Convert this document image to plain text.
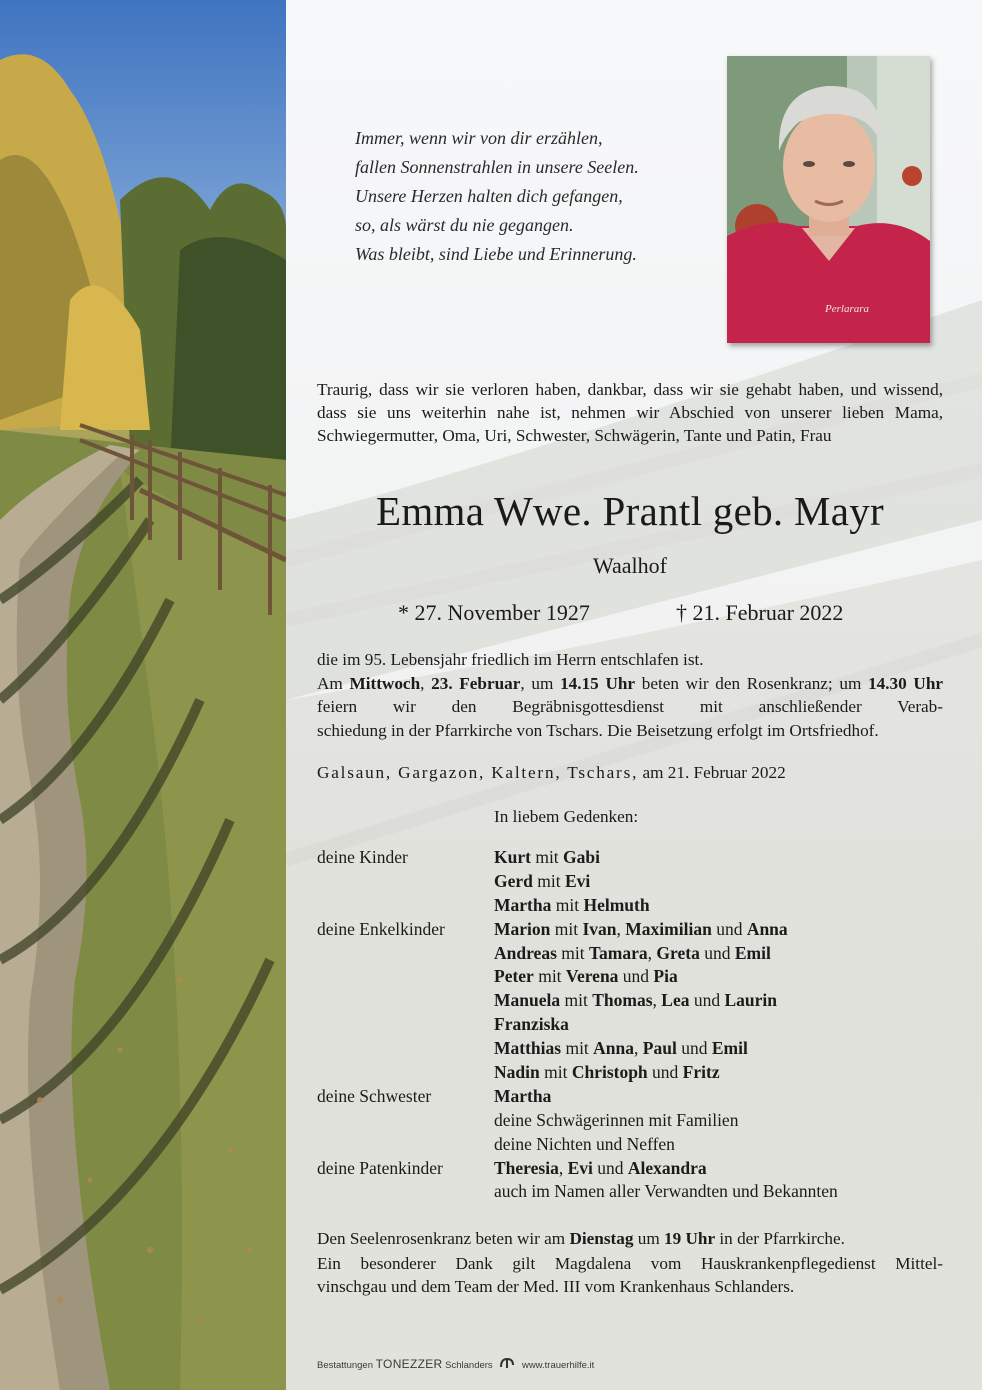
Immer, wenn wir von dir erzählen,
fallen Sonnenstrahlen in unsere Seelen.
Unsere Herzen halten dich gefangen,
so, als wärst du nie gegangen.
Was bleibt, sind Liebe und Erinnerung.
Perlarara
Traurig, dass wir sie verloren haben, dankbar, dass wir sie gehabt haben, und wissend, dass sie uns weiterhin nahe ist, nehmen wir Abschied von unserer lieben Mama, Schwiegermutter, Oma, Uri, Schwester, Schwägerin, Tante und Patin, Frau
Emma Wwe. Prantl geb. Mayr
Waalhof
* 27. November 1927	† 21. Februar 2022
die im 95. Lebensjahr friedlich im Herrn entschlafen ist.
Am Mittwoch, 23. Februar, um 14.15 Uhr beten wir den Rosenkranz; um 14.30 Uhr feiern wir den Begräbnisgottesdienst mit anschließender Verab-
schiedung in der Pfarrkirche von Tschars. Die Beisetzung erfolgt im Ortsfriedhof.
Galsaun, Gargazon, Kaltern, Tschars, am 21. Februar 2022
In liebem Gedenken:
deine Kinder	Kurt mit Gabi
Gerd mit Evi
Martha mit Helmuth
deine Enkelkinder	Marion mit Ivan, Maximilian und Anna
Andreas mit Tamara, Greta und Emil
Peter mit Verena und Pia
Manuela mit Thomas, Lea und Laurin
Franziska
Matthias mit Anna, Paul und Emil
Nadin mit Christoph und Fritz
deine Schwester	Martha
deine Schwägerinnen mit Familien
deine Nichten und Neffen
deine Patenkinder	Theresia, Evi und Alexandra
auch im Namen aller Verwandten und Bekannten
Den Seelenrosenkranz beten wir am Dienstag um 19 Uhr in der Pfarrkirche.
Ein besonderer Dank gilt Magdalena vom Hauskrankenpflegedienst Mittel-
vinschgau und dem Team der Med. III vom Krankenhaus Schlanders.
Bestattungen TONEZZER Schlanders	www.trauerhilfe.it
